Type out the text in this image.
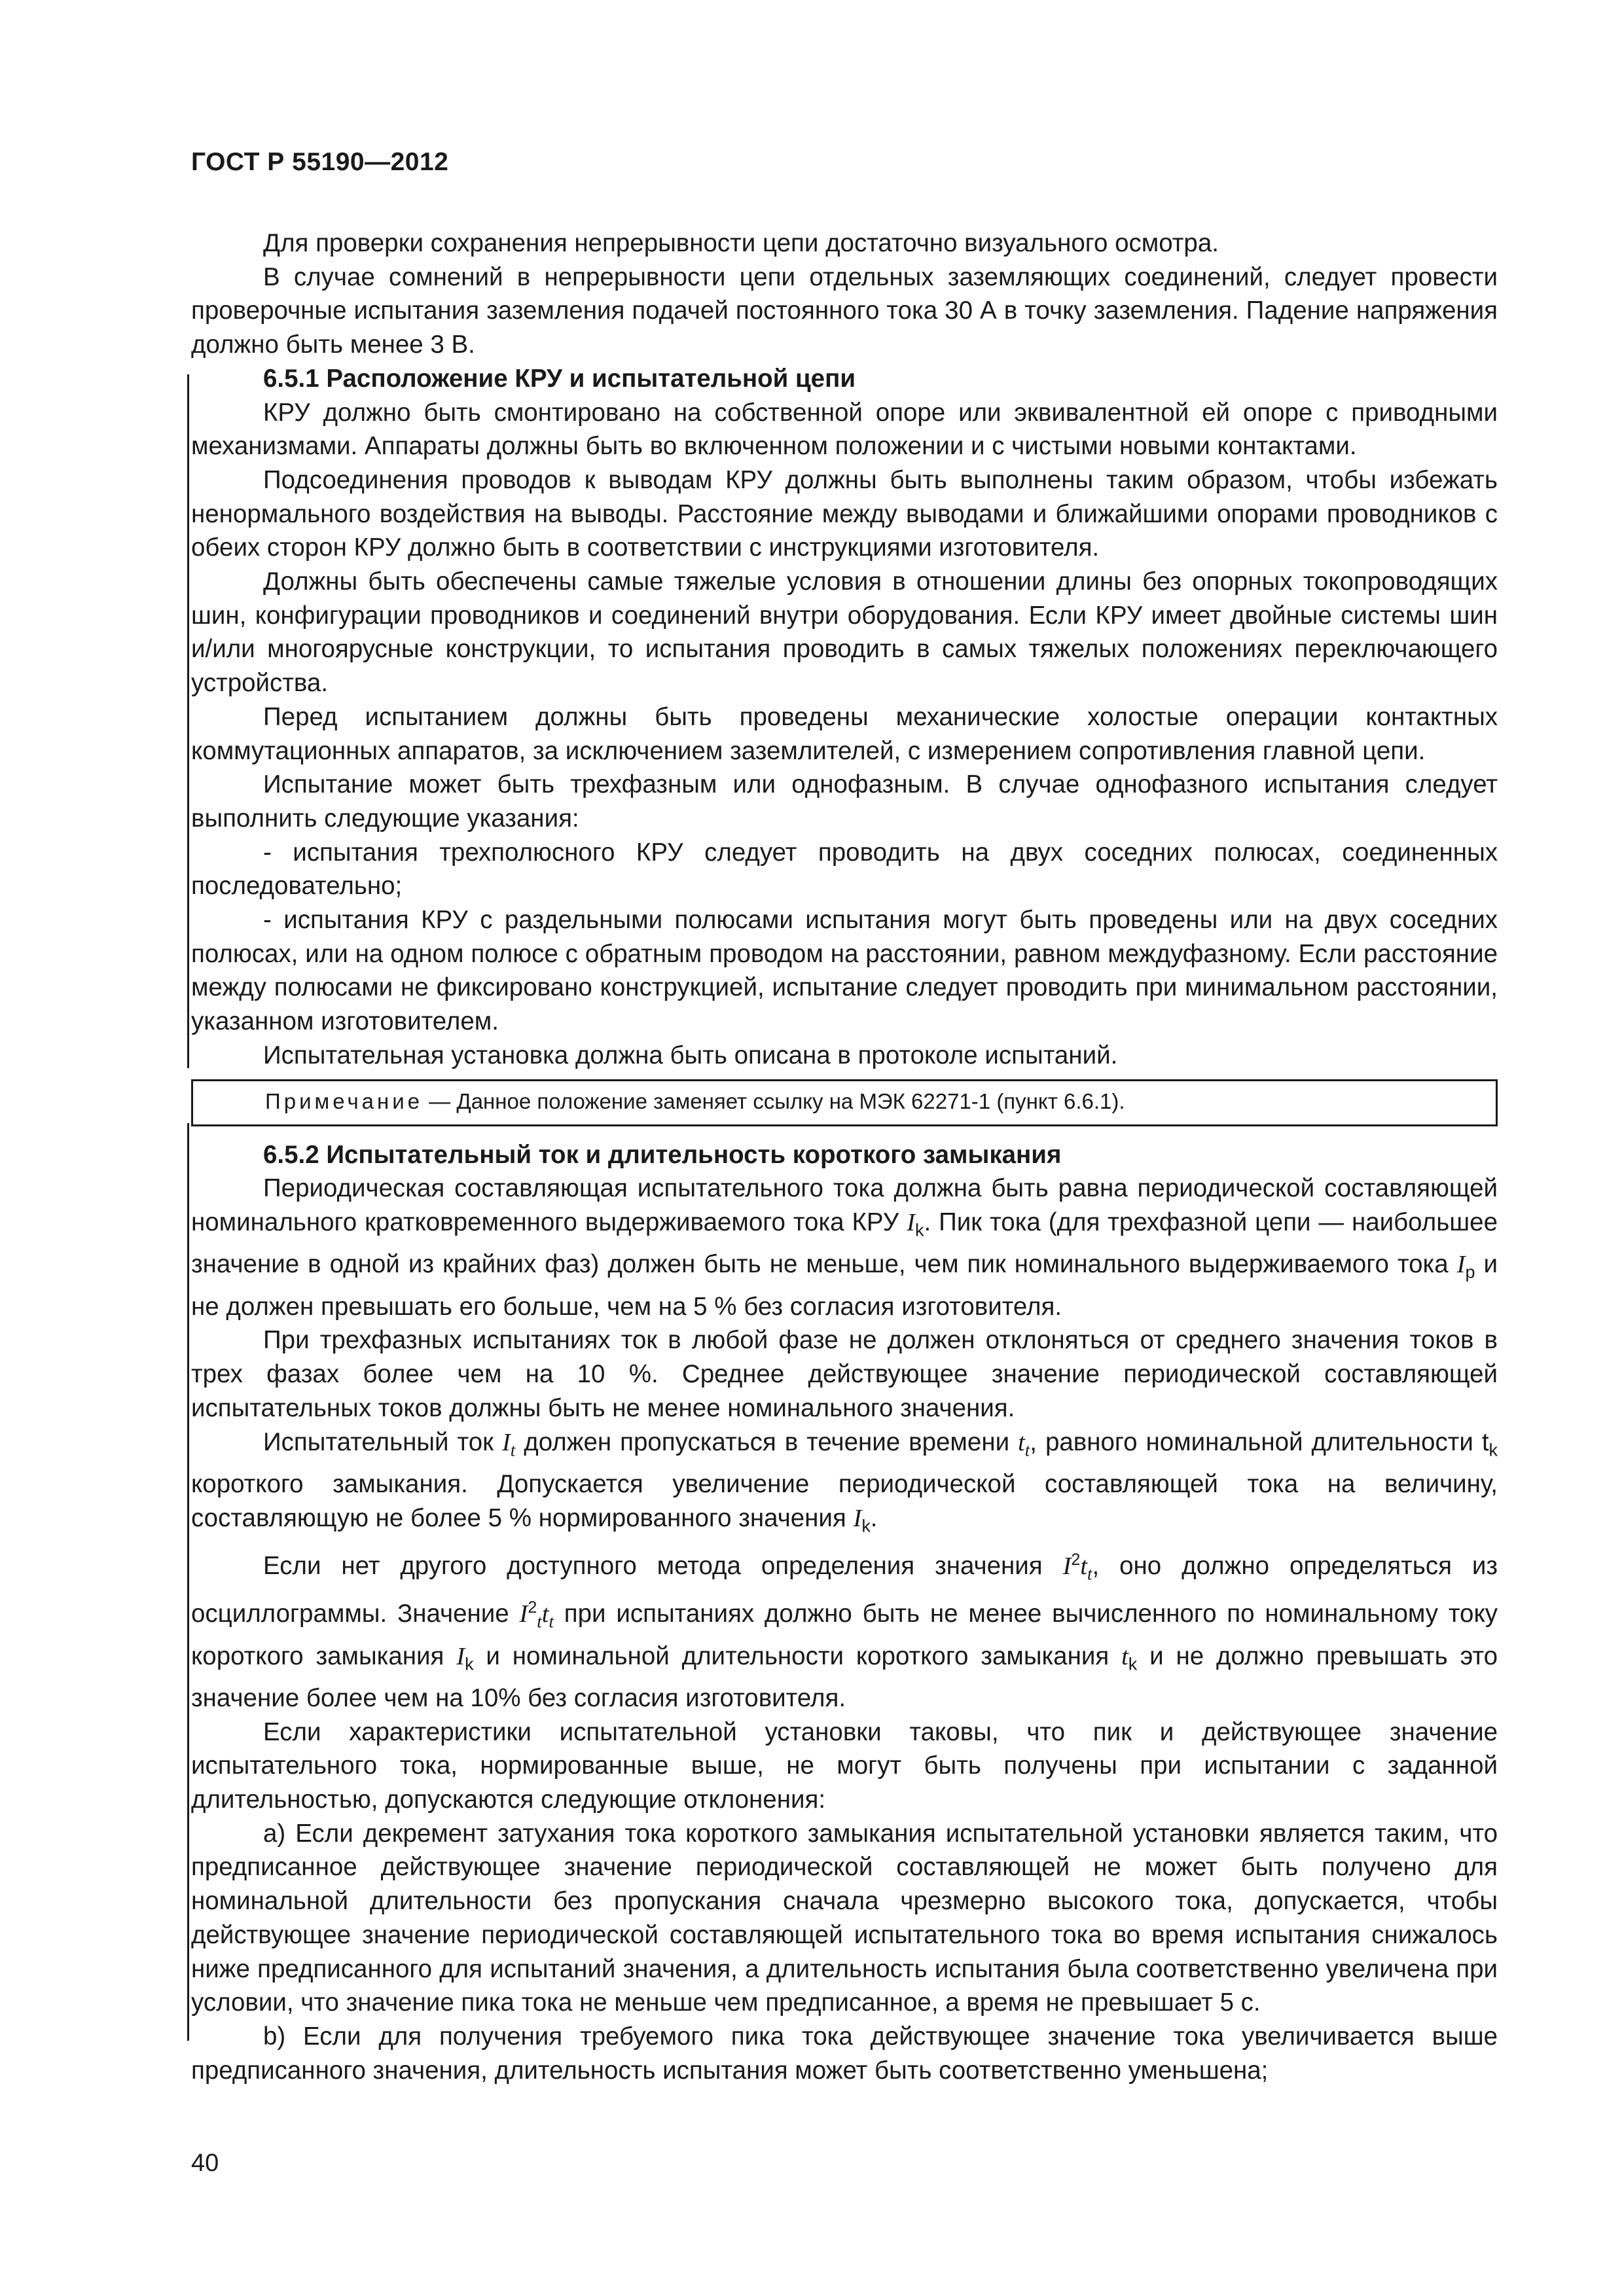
ГОСТ Р 55190—2012

Для проверки сохранения непрерывности цепи достаточно визуального осмотра.

В случае сомнений в непрерывности цепи отдельных заземляющих соединений, следует провести проверочные испытания заземления подачей постоянного тока 30 А в точку заземления. Падение напряжения должно быть менее 3 В.

6.5.1 Расположение КРУ и испытательной цепи

КРУ должно быть смонтировано на собственной опоре или эквивалентной ей опоре с приводными механизмами. Аппараты должны быть во включенном положении и с чистыми новыми контактами.

Подсоединения проводов к выводам КРУ должны быть выполнены таким образом, чтобы избежать ненормального воздействия на выводы. Расстояние между выводами и ближайшими опорами проводников с обеих сторон КРУ должно быть в соответствии с инструкциями изготовителя.

Должны быть обеспечены самые тяжелые условия в отношении длины без опорных токопроводящих шин, конфигурации проводников и соединений внутри оборудования. Если КРУ имеет двойные системы шин и/или многоярусные конструкции, то испытания проводить в самых тяжелых положениях переключающего устройства.

Перед испытанием должны быть проведены механические холостые операции контактных коммутационных аппаратов, за исключением заземлителей, с измерением сопротивления главной цепи.

Испытание может быть трехфазным или однофазным. В случае однофазного испытания следует выполнить следующие указания:

- испытания трехполюсного КРУ следует проводить на двух соседних полюсах, соединенных последовательно;

- испытания КРУ с раздельными полюсами испытания могут быть проведены или на двух соседних полюсах, или на одном полюсе с обратным проводом на расстоянии, равном междуфазному. Если расстояние между полюсами не фиксировано конструкцией, испытание следует проводить при минимальном расстоянии, указанном изготовителем.

Испытательная установка должна быть описана в протоколе испытаний.

Примечание — Данное положение заменяет ссылку на МЭК 62271-1 (пункт 6.6.1).
6.5.2 Испытательный ток и длительность короткого замыкания

Периодическая составляющая испытательного тока должна быть равна периодической составляющей номинального кратковременного выдерживаемого тока КРУ $I_k$. Пик тока (для трехфазной цепи — наибольшее значение в одной из крайних фаз) должен быть не меньше, чем пик номинального выдерживаемого тока $I_p$ и не должен превышать его больше, чем на 5 % без согласия изготовителя.

При трехфазных испытаниях ток в любой фазе не должен отклоняться от среднего значения токов в трех фазах более чем на 10 %. Среднее действующее значение периодической составляющей испытательных токов должны быть не менее номинального значения.

Испытательный ток $I_t$ должен пропускаться в течение времени $t_t$, равного номинальной длительности $t_k$ короткого замыкания. Допускается увеличение периодической составляющей тока на величину, составляющую не более 5 % нормированного значения $I_k$.

Если нет другого доступного метода определения значения $I^2t_t$, оно должно определяться из осциллограммы. Значение $I^2_tt_t$ при испытаниях должно быть не менее вычисленного по номинальному току короткого замыкания $I_k$ и номинальной длительности короткого замыкания $t_k$ и не должно превышать это значение более чем на 10% без согласия изготовителя.

Если характеристики испытательной установки таковы, что пик и действующее значение испытательного тока, нормированные выше, не могут быть получены при испытании с заданной длительностью, допускаются следующие отклонения:

а) Если декремент затухания тока короткого замыкания испытательной установки является таким, что предписанное действующее значение периодической составляющей не может быть получено для номинальной длительности без пропускания сначала чрезмерно высокого тока, допускается, чтобы действующее значение периодической составляющей испытательного тока во время испытания снижалось ниже предписанного для испытаний значения, а длительность испытания была соответственно увеличена при условии, что значение пика тока не меньше чем предписанное, а время не превышает 5 с.

b) Если для получения требуемого пика тока действующее значение тока увеличивается выше предписанного значения, длительность испытания может быть соответственно уменьшена;

40
